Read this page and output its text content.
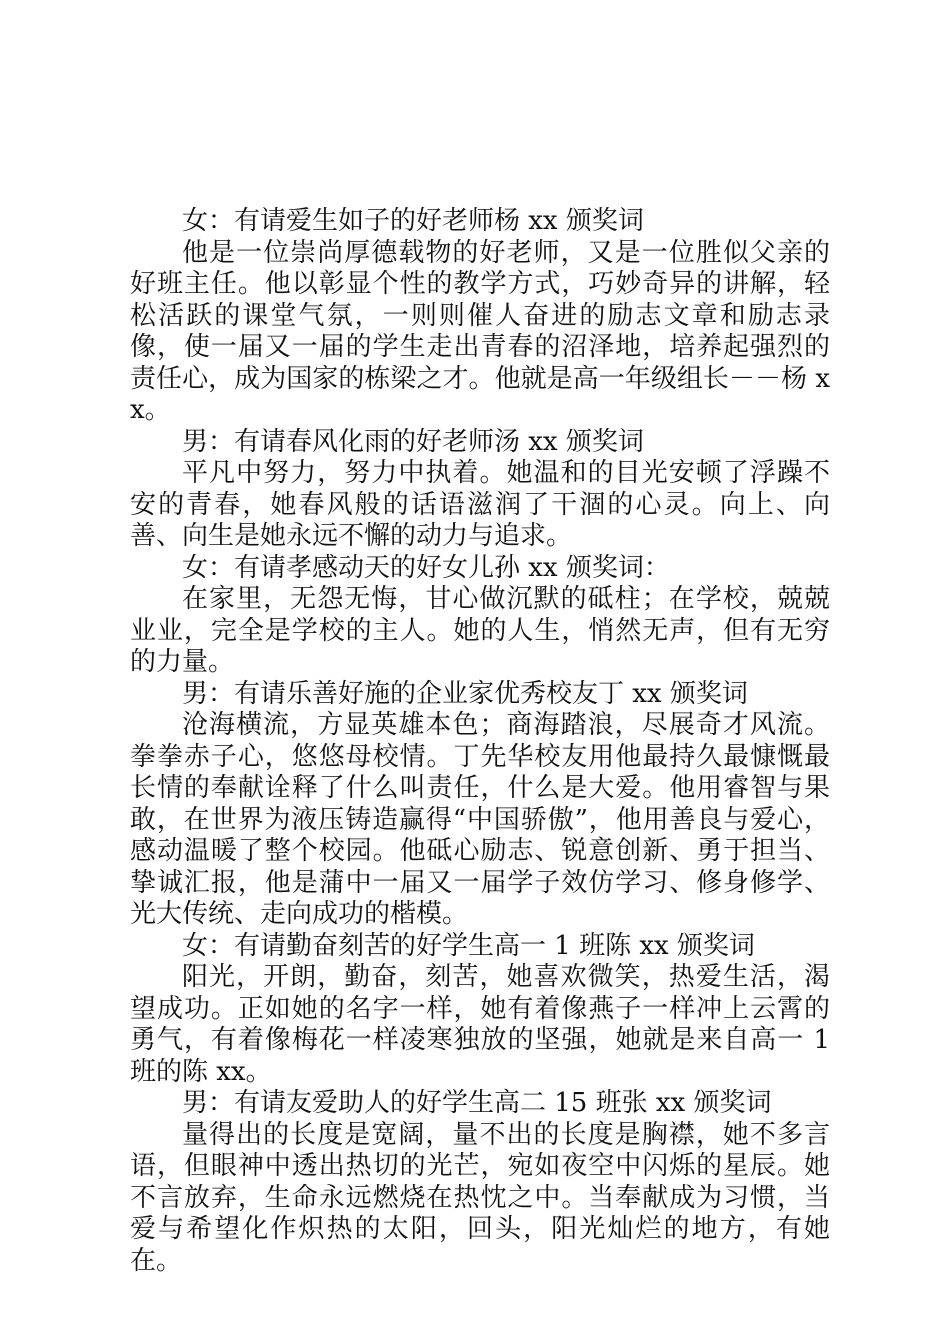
女：有请爱生如子的好老师杨 xx 颁奖词

他是一位崇尚厚德载物的好老师，又是一位胜似父亲的好班主任。他以彰显个性的教学方式，巧妙奇异的讲解，轻松活跃的课堂气氛，一则则催人奋进的励志文章和励志录像，使一届又一届的学生走出青春的沼泽地，培养起强烈的责任心，成为国家的栋梁之才。他就是高一年级组长－－杨 xx。

男：有请春风化雨的好老师汤 xx 颁奖词

平凡中努力，努力中执着。她温和的目光安顿了浮躁不安的青春，她春风般的话语滋润了干涸的心灵。向上、向善、向生是她永远不懈的动力与追求。

女：有请孝感动天的好女儿孙 xx 颁奖词：

在家里，无怨无悔，甘心做沉默的砥柱；在学校，兢兢业业，完全是学校的主人。她的人生，悄然无声，但有无穷的力量。

男：有请乐善好施的企业家优秀校友丁 xx 颁奖词

沧海横流，方显英雄本色；商海踏浪，尽展奇才风流。拳拳赤子心，悠悠母校情。丁先华校友用他最持久最慷慨最长情的奉献诠释了什么叫责任，什么是大爱。他用睿智与果敢，在世界为液压铸造赢得“中国骄傲”，他用善良与爱心，感动温暖了整个校园。他砥心励志、锐意创新、勇于担当、挚诚汇报，他是蒲中一届又一届学子效仿学习、修身修学、光大传统、走向成功的楷模。

女：有请勤奋刻苦的好学生高一 1 班陈 xx 颁奖词

阳光，开朗，勤奋，刻苦，她喜欢微笑，热爱生活，渴望成功。正如她的名字一样，她有着像燕子一样冲上云霄的勇气，有着像梅花一样凌寒独放的坚强，她就是来自高一 1 班的陈 xx。

男：有请友爱助人的好学生高二 15 班张 xx 颁奖词

量得出的长度是宽阔，量不出的长度是胸襟，她不多言语，但眼神中透出热切的光芒，宛如夜空中闪烁的星辰。她不言放弃，生命永远燃烧在热忱之中。当奉献成为习惯，当爱与希望化作炽热的太阳，回头，阳光灿烂的地方，有她在。
